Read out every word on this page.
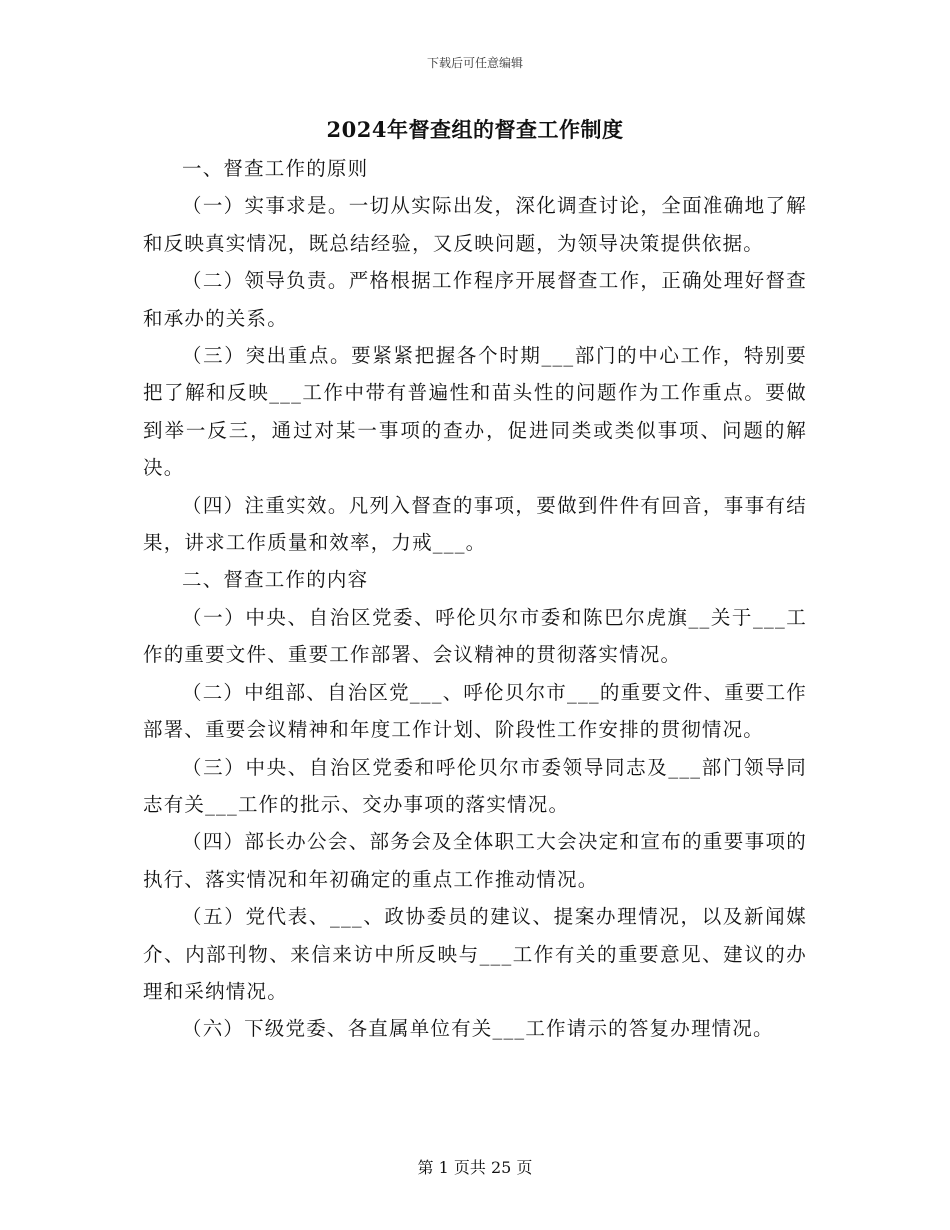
下载后可任意编辑
2024年督查组的督查工作制度

一、督查工作的原则

（一）实事求是。一切从实际出发，深化调查讨论，全面准确地了解和反映真实情况，既总结经验，又反映问题，为领导决策提供依据。

（二）领导负责。严格根据工作程序开展督查工作，正确处理好督查和承办的关系。

（三）突出重点。要紧紧把握各个时期___部门的中心工作，特别要把了解和反映___工作中带有普遍性和苗头性的问题作为工作重点。要做到举一反三，通过对某一事项的查办，促进同类或类似事项、问题的解决。

（四）注重实效。凡列入督查的事项，要做到件件有回音，事事有结果，讲求工作质量和效率，力戒___。

二、督查工作的内容

（一）中央、自治区党委、呼伦贝尔市委和陈巴尔虎旗__关于___工作的重要文件、重要工作部署、会议精神的贯彻落实情况。

（二）中组部、自治区党___、呼伦贝尔市___的重要文件、重要工作部署、重要会议精神和年度工作计划、阶段性工作安排的贯彻情况。

（三）中央、自治区党委和呼伦贝尔市委领导同志及___部门领导同志有关___工作的批示、交办事项的落实情况。

（四）部长办公会、部务会及全体职工大会决定和宣布的重要事项的执行、落实情况和年初确定的重点工作推动情况。

（五）党代表、___、政协委员的建议、提案办理情况，以及新闻媒介、内部刊物、来信来访中所反映与___工作有关的重要意见、建议的办理和采纳情况。

（六）下级党委、各直属单位有关___工作请示的答复办理情况。

第 1 页共 25 页
